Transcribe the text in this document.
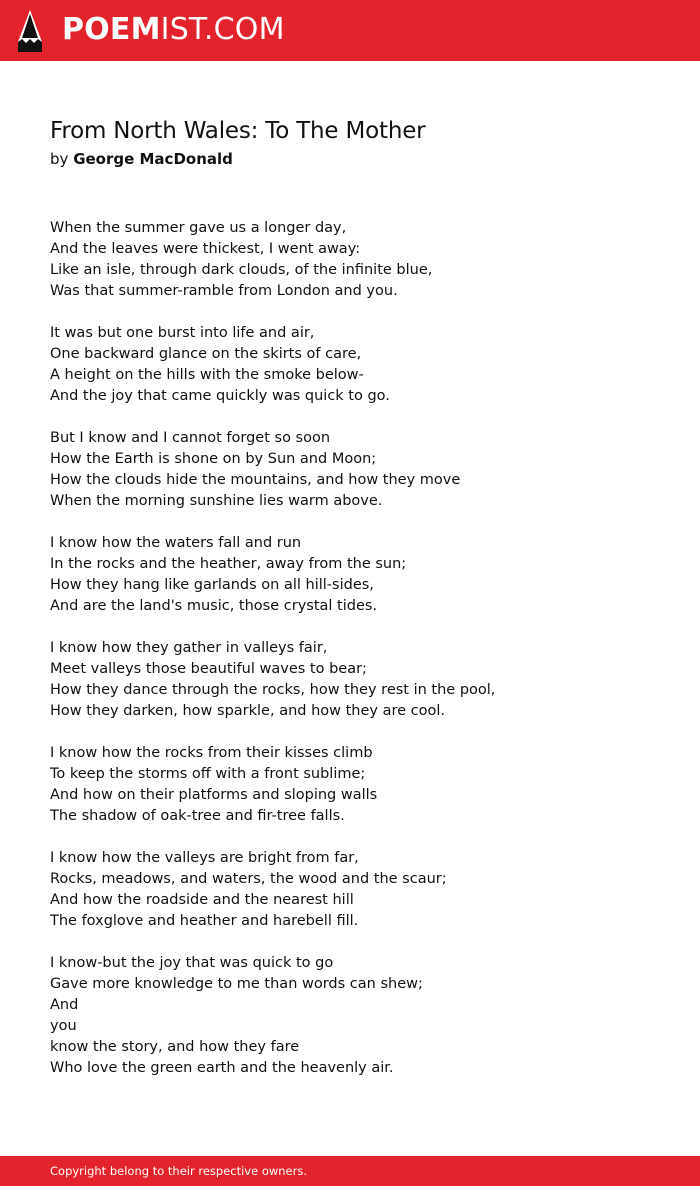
POEMIST.COM
From North Wales: To The Mother
by George MacDonald
When the summer gave us a longer day,
And the leaves were thickest, I went away:
Like an isle, through dark clouds, of the infinite blue,
Was that summer-ramble from London and you.
It was but one burst into life and air,
One backward glance on the skirts of care,
A height on the hills with the smoke below-
And the joy that came quickly was quick to go.
But I know and I cannot forget so soon
How the Earth is shone on by Sun and Moon;
How the clouds hide the mountains, and how they move
When the morning sunshine lies warm above.
I know how the waters fall and run
In the rocks and the heather, away from the sun;
How they hang like garlands on all hill-sides,
And are the land's music, those crystal tides.
I know how they gather in valleys fair,
Meet valleys those beautiful waves to bear;
How they dance through the rocks, how they rest in the pool,
How they darken, how sparkle, and how they are cool.
I know how the rocks from their kisses climb
To keep the storms off with a front sublime;
And how on their platforms and sloping walls
The shadow of oak-tree and fir-tree falls.
I know how the valleys are bright from far,
Rocks, meadows, and waters, the wood and the scaur;
And how the roadside and the nearest hill
The foxglove and heather and harebell fill.
I know-but the joy that was quick to go
Gave more knowledge to me than words can shew;
And
you
know the story, and how they fare
Who love the green earth and the heavenly air.
Copyright belong to their respective owners.
